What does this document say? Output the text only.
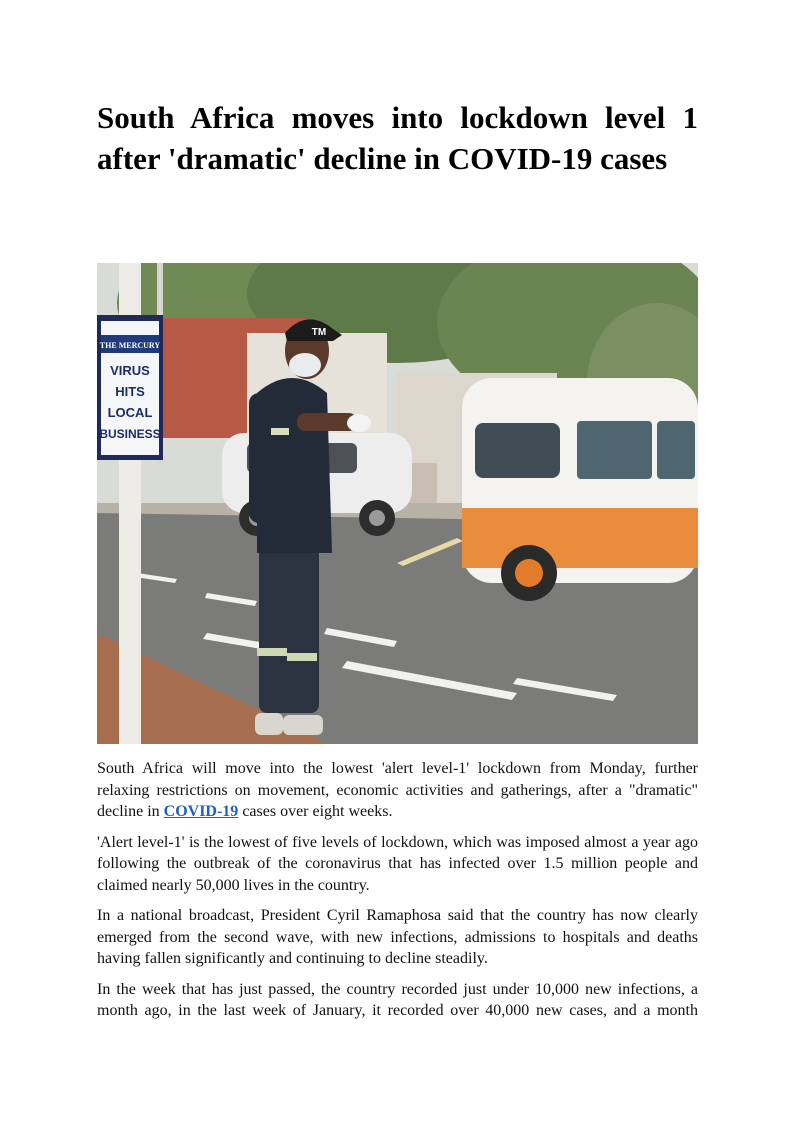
South Africa moves into lockdown level 1 after 'dramatic' decline in COVID-19 cases
THE MERCURY
VIRUS
HITS
LOCAL
BUSINESS
TM

South Africa will move into the lowest 'alert level-1' lockdown from Monday, further relaxing restrictions on movement, economic activities and gatherings, after a "dramatic" decline in COVID-19 cases over eight weeks.

'Alert level-1' is the lowest of five levels of lockdown, which was imposed almost a year ago following the outbreak of the coronavirus that has infected over 1.5 million people and claimed nearly 50,000 lives in the country.

In a national broadcast, President Cyril Ramaphosa said that the country has now clearly emerged from the second wave, with new infections, admissions to hospitals and deaths having fallen significantly and continuing to decline steadily.

In the week that has just passed, the country recorded just under 10,000 new infections, a month ago, in the last week of January, it recorded over 40,000 new cases, and a month
